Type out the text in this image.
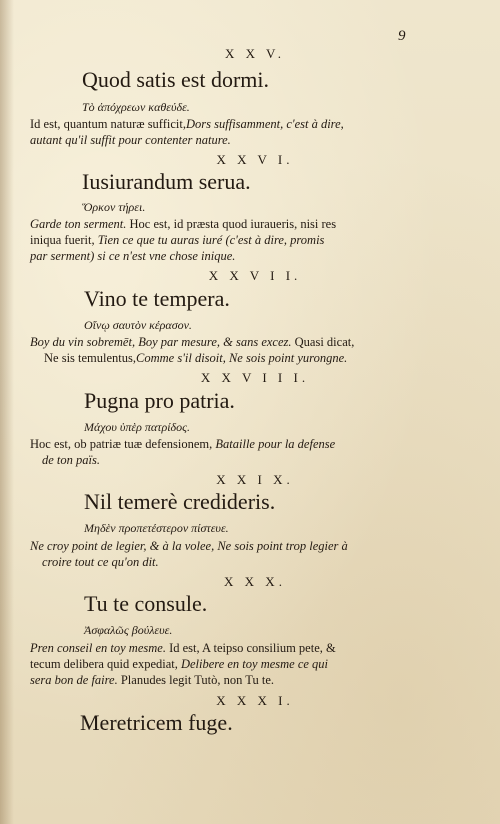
9
X X V.
Quod satis est dormi.
Τὸ ἀπόχρεων καθεύδε.
Id est, quantum naturæ sufficit,Dors suffisamment, c'est à dire,
autant qu'il suffit pour contenter nature.
X X V I.
Iusiurandum serua.
Ὅρκον τήρει.
Garde ton serment. Hoc est, id præsta quod iuraueris, nisi res
iniqua fuerit, Tien ce que tu auras iuré (c'est à dire, promis
par serment) si ce n'est vne chose inique.
X X V I I.
Vino te tempera.
Οἴνῳ σαυτὸν κέρασον.
Boy du vin sobremēt, Boy par mesure, & sans excez. Quasi dicat,
Ne sis temulentus,Comme s'il disoit, Ne sois point yurongne.
X X V I I I.
Pugna pro patria.
Μάχου ὑπὲρ πατρίδος.
Hoc est, ob patriæ tuæ defensionem, Bataille pour la defense
de ton païs.
X X I X.
Nil temerè credideris.
Μηδὲν προπετέστερον πίστευε.
Ne croy point de legier, & à la volee, Ne sois point trop legier à
croire tout ce qu'on dit.
X X X.
Tu te consule.
Ἀσφαλῶς βούλευε.
Pren conseil en toy mesme. Id est, A teipso consilium pete, &
tecum delibera quid expediat, Delibere en toy mesme ce qui
sera bon de faire. Planudes legit Tutò, non Tu te.
X X X I.
Meretricem fuge.
